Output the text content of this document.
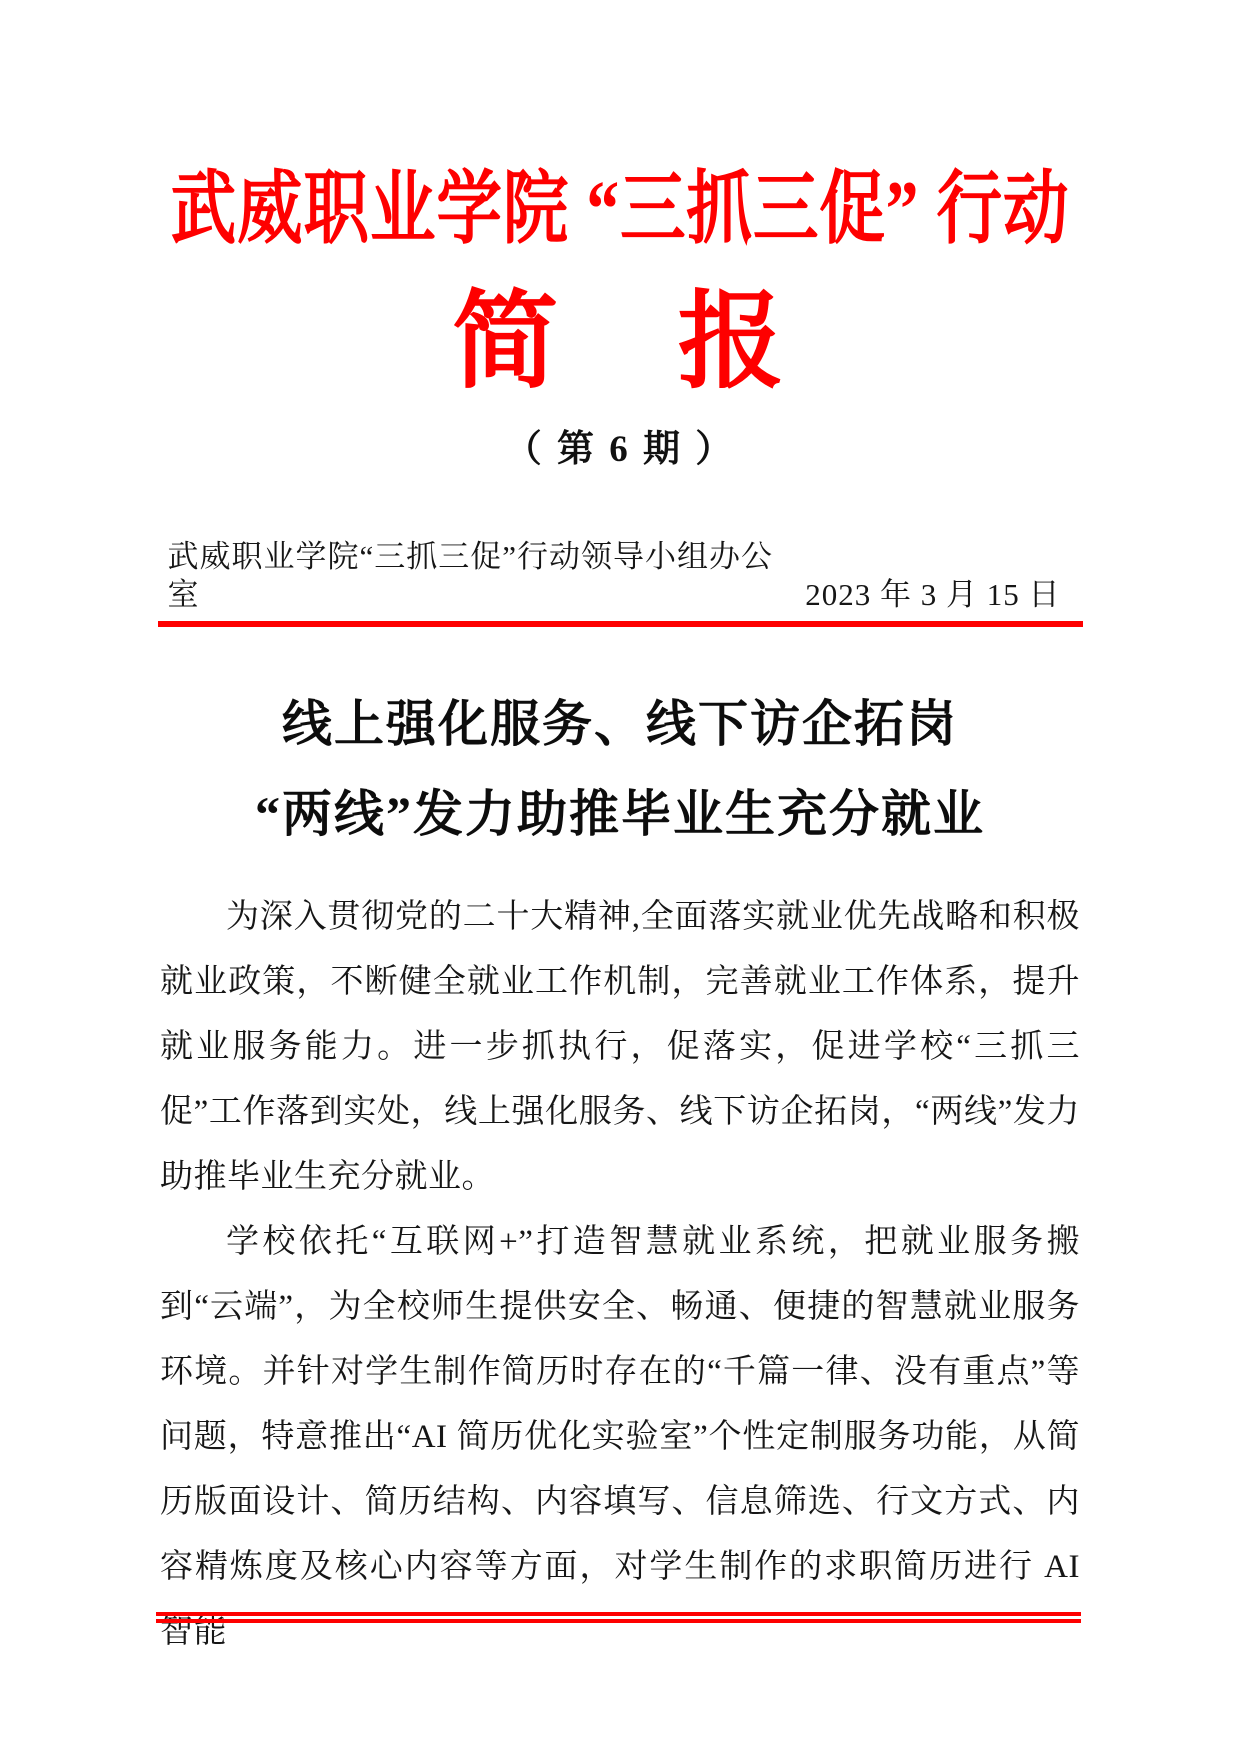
武威职业学院 “三抓三促” 行动
简 报
（ 第 6 期 ）
武威职业学院“三抓三促”行动领导小组办公室	2023 年 3 月 15 日
线上强化服务、线下访企拓岗
“两线”发力助推毕业生充分就业

为深入贯彻党的二十大精神,全面落实就业优先战略和积极就业政策，不断健全就业工作机制，完善就业工作体系，提升就业服务能力。进一步抓执行，促落实，促进学校“三抓三促”工作落到实处，线上强化服务、线下访企拓岗，“两线”发力助推毕业生充分就业。

学校依托“互联网+”打造智慧就业系统，把就业服务搬到“云端”，为全校师生提供安全、畅通、便捷的智慧就业服务环境。并针对学生制作简历时存在的“千篇一律、没有重点”等问题，特意推出“AI 简历优化实验室”个性定制服务功能，从简历版面设计、简历结构、内容填写、信息筛选、行文方式、内容精炼度及核心内容等方面，对学生制作的求职简历进行 AI 智能
